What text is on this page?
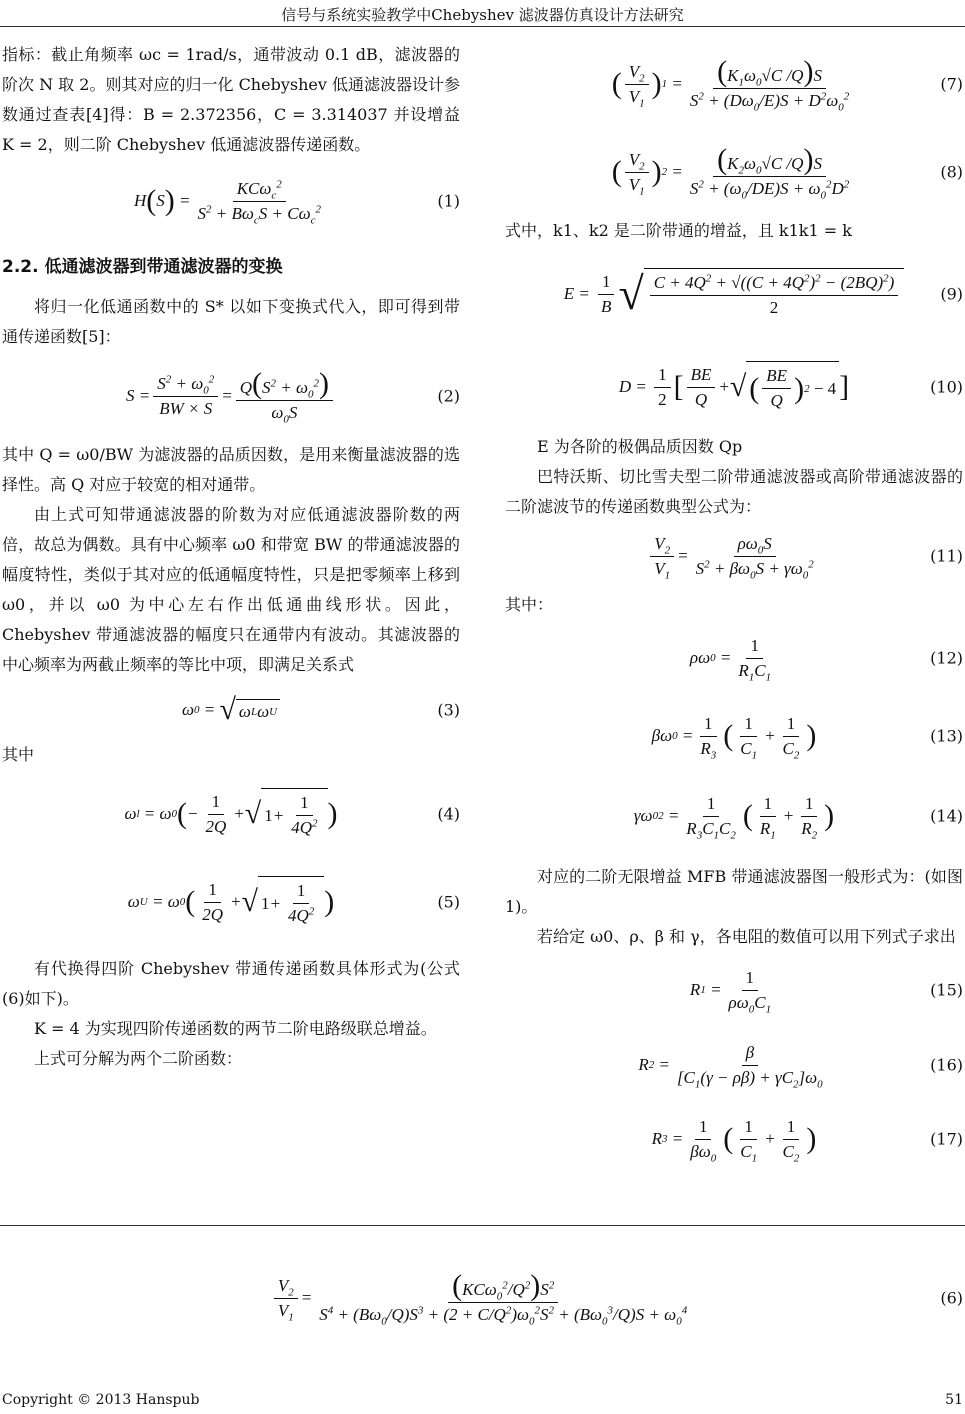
信号与系统实验教学中Chebyshev 滤波器仿真设计方法研究

指标：截止角频率 ωc = 1rad/s，通带波动 0.1 dB，滤波器的阶次 N 取 2。则其对应的归一化 Chebyshev 低通滤波器设计参数通过查表[4]得：B = 2.372356，C = 3.314037 并设增益 K = 2，则二阶 Chebyshev 低通滤波器传递函数。

H ( S ) = $\frac{KC\omega_c^2}{S^2 + B\omega_cS + C\omega_c^2}$	(1)

2.2. 低通滤波器到带通滤波器的变换

将归一化低通函数中的 S* 以如下变换式代入，即可得到带通传递函数[5]：

$S = \frac{S^2 + \omega_0^2}{BW \times S} = \frac{Q(S^2 + \omega_0^2)}{\omega_0S}$	(2)

其中 Q = ω0/BW 为滤波器的品质因数，是用来衡量滤波器的选择性。高 Q 对应于较宽的相对通带。

由上式可知带通滤波器的阶数为对应低通滤波器阶数的两倍，故总为偶数。具有中心频率 ω0 和带宽 BW 的带通滤波器的幅度特性，类似于其对应的低通幅度特性，只是把零频率上移到 ω0，并以 ω0 为中心左右作出低通曲线形状。因此，Chebyshev 带通滤波器的幅度只在通带内有波动。其滤波器的中心频率为两截止频率的等比中项，即满足关系式

ω 0 = √ ω L ω U	(3)

其中

ω l = ω 0 ( − $\frac{1}{2Q}$ + √ $1 + \frac{1}{4Q^2}$ )	(4)
ω U = ω 0 ( $\frac{1}{2Q}$ + √ $1 + \frac{1}{4Q^2}$ )	(5)

有代换得四阶 Chebyshev 带通传递函数具体形式为(公式(6)如下)。

K = 4 为实现四阶传递函数的两节二阶电路级联总增益。

上式可分解为两个二阶函数：

( $\frac{V_2}{V_1}$ ) $1 = \frac{(K_1\omega_0√C /Q)S}{S^2 + (D\omega_0/E)S + D^2\omega_0^2}$	(7)
( $\frac{V_2}{V_1}$ ) $2 = \frac{(K_2\omega_0√C /Q)S}{S^2 + (\omega_0/DE)S + \omega_0^2D^2}$	(8)

式中，k1、k2 是二阶带通的增益，且 k1k1 = k

$E = \frac{1}{B}$ √ $\frac{C + 4Q^2 + √((C + 4Q^2)^2 - (2BQ)^2)}{2}$	(9)
$D = \frac{1}{2}$ [ $\frac{BE}{Q}$ + √ ( $\frac{BE}{Q}$ ) 2
− 4 ]	(10)

E 为各阶的极偶品质因数 Qp

巴特沃斯、切比雪夫型二阶带通滤波器或高阶带通滤波器的二阶滤波节的传递函数典型公式为：

$\frac{V_2}{V_1} = \frac{\rho\omega_0S}{S^2 + \beta\omega_0S + \gamma\omega_0^2}$	(11)

其中：

ρω $0 = \frac{1}{R_1C_1}$	(12)
βω $0 = \frac{1}{R_3}$ ( $\frac{1}{C_1} + \frac{1}{C_2}$ )	(13)
γω 0 $2 = \frac{1}{R_3C_1C_2}$ ( $\frac{1}{R_1} + \frac{1}{R_2}$ )	(14)

对应的二阶无限增益 MFB 带通滤波器图一般形式为：(如图 1)。

若给定 ω0、ρ、β 和 γ，各电阻的数值可以用下列式子求出

R $1 = \frac{1}{\rho\omega_0C_1}$	(15)
R $2 = \frac{\beta}{[C_1(\gamma - \rho\beta) + \gamma C_2]\omega_0}$	(16)
R $3 = \frac{1}{\beta\omega_0}$ ( $\frac{1}{C_1} + \frac{1}{C_2}$ )	(17)
$\frac{V_2}{V_1} = \frac{(KC\omega_0^2/Q^2)S^2}{S^4 + (B\omega_0/Q)S^3 + (2 + C/Q^2)\omega_0^2S^2 + (B\omega_0^3/Q)S + \omega_0^4}$	(6)
Copyright © 2013 Hanspub	51
